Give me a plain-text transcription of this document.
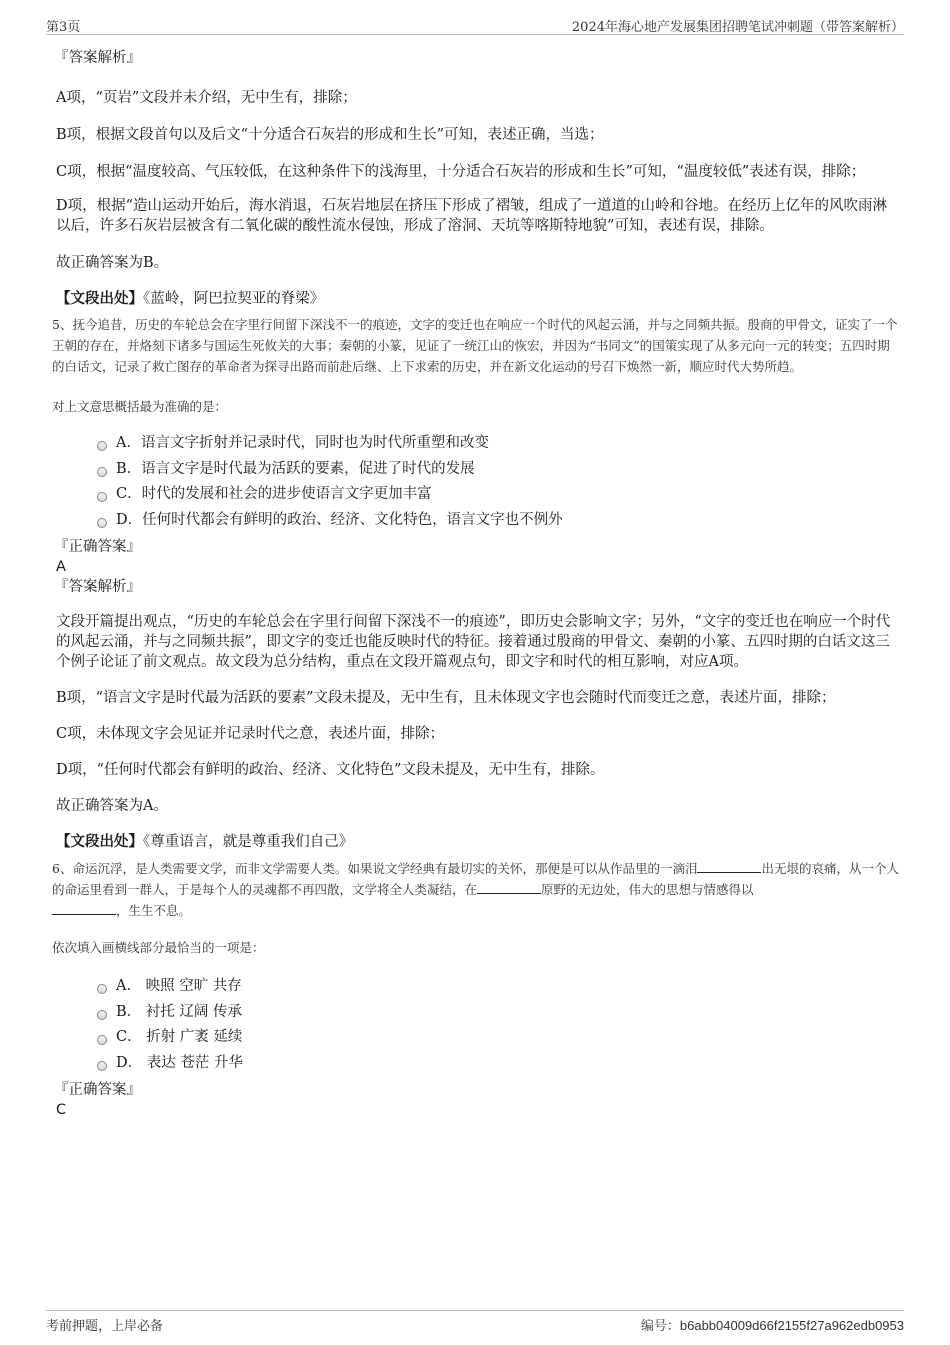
第3页	2024年海心地产发展集团招聘笔试冲刺题（带答案解析）

『答案解析』

A项，“页岩”文段并未介绍，无中生有，排除；

B项，根据文段首句以及后文“十分适合石灰岩的形成和生长”可知，表述正确，当选；

C项，根据“温度较高、气压较低，在这种条件下的浅海里，十分适合石灰岩的形成和生长”可知，“温度较低”表述有误，排除；

D项，根据“造山运动开始后，海水消退，石灰岩地层在挤压下形成了褶皱，组成了一道道的山岭和谷地。在经历上亿年的风吹雨淋以后，许多石灰岩层被含有二氧化碳的酸性流水侵蚀，形成了溶洞、天坑等喀斯特地貌”可知，表述有误，排除。

故正确答案为B。

【文段出处】《蓝岭，阿巴拉契亚的脊梁》

5、抚今追昔，历史的车轮总会在字里行间留下深浅不一的痕迹，文字的变迁也在响应一个时代的风起云涌，并与之同频共振。殷商的甲骨文，证实了一个王朝的存在，并烙刻下诸多与国运生死攸关的大事；秦朝的小篆，见证了一统江山的恢宏，并因为“书同文”的国策实现了从多元向一元的转变；五四时期的白话文，记录了救亡图存的革命者为探寻出路而前赴后继、上下求索的历史，并在新文化运动的号召下焕然一新，顺应时代大势所趋。

对上文意思概括最为准确的是：

A．语言文字折射并记录时代，同时也为时代所重塑和改变
B．语言文字是时代最为活跃的要素，促进了时代的发展
C．时代的发展和社会的进步使语言文字更加丰富
D．任何时代都会有鲜明的政治、经济、文化特色，语言文字也不例外

『正确答案』

A

『答案解析』

文段开篇提出观点，“历史的车轮总会在字里行间留下深浅不一的痕迹”，即历史会影响文字；另外，“文字的变迁也在响应一个时代的风起云涌，并与之同频共振”，即文字的变迁也能反映时代的特征。接着通过殷商的甲骨文、秦朝的小篆、五四时期的白话文这三个例子论证了前文观点。故文段为总分结构，重点在文段开篇观点句，即文字和时代的相互影响，对应A项。

B项，“语言文字是时代最为活跃的要素”文段未提及，无中生有，且未体现文字也会随时代而变迁之意，表述片面，排除；

C项，未体现文字会见证并记录时代之意，表述片面，排除；

D项，“任何时代都会有鲜明的政治、经济、文化特色”文段未提及，无中生有，排除。

故正确答案为A。

【文段出处】《尊重语言，就是尊重我们自己》

6、命运沉浮，是人类需要文学，而非文学需要人类。如果说文学经典有最切实的关怀，那便是可以从作品里的一滴泪	出无垠的哀痛，从一个人的命运里看到一群人，于是每个人的灵魂都不再四散，文学将全人类凝结，在	原野的无边处，伟大的思想与情感得以
，生生不息。

依次填入画横线部分最恰当的一项是：

A． 映照 空旷 共存
B． 衬托 辽阔 传承
C． 折射 广袤 延续
D． 表达 苍茫 升华

『正确答案』

C

考前押题，上岸必备	编号：b6abb04009d66f2155f27a962edb0953
